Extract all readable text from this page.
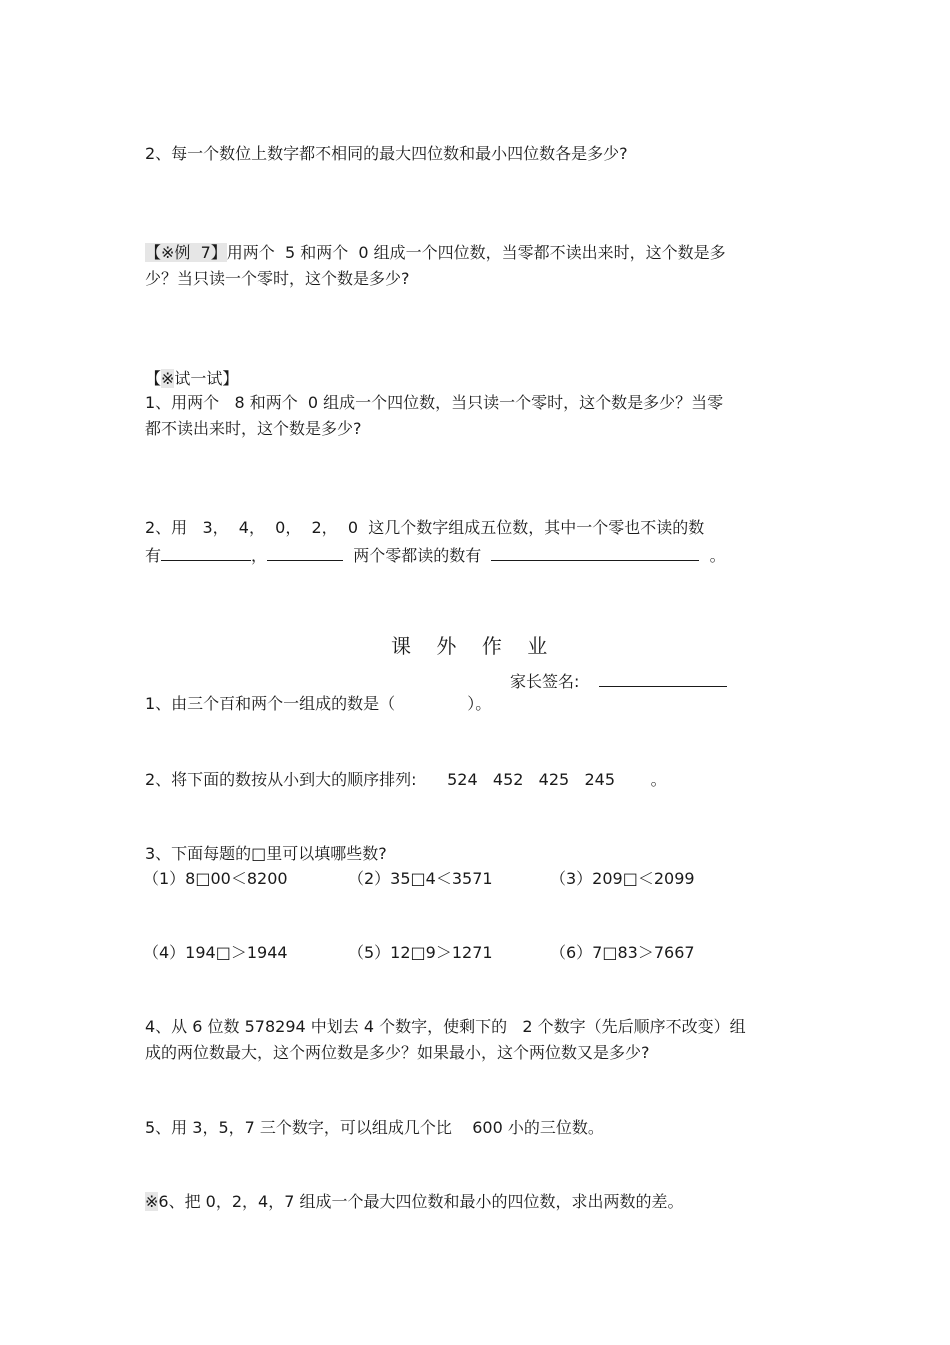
2、每一个数位上数字都不相同的最大四位数和最小四位数各是多少?
【※例  7】用两个  5 和两个  0 组成一个四位数，当零都不读出来时，这个数是多
少？当只读一个零时，这个数是多少?
【※试一试】
1、用两个   8 和两个  0 组成一个四位数，当只读一个零时，这个数是多少？当零
都不读出来时，这个数是多少?
2、用   3，  4，  0，  2，  0  这几个数字组成五位数，其中一个零也不读的数
有	，	两个零都读的数有	。
课    外    作    业
家长签名:
1、由三个百和两个一组成的数是（	）。
2、将下面的数按从小到大的顺序排列:      524   452   425   245       。
3、下面每题的□里可以填哪些数?
（1）8□00＜8200	（2）35□4＜3571	（3）209□＜2099
（4）194□＞1944	（5）12□9＞1271	（6）7□83＞7667
4、从 6 位数 578294 中划去 4 个数字，使剩下的   2 个数字（先后顺序不改变）组
成的两位数最大，这个两位数是多少？如果最小，这个两位数又是多少?
5、用 3，5，7 三个数字，可以组成几个比    600 小的三位数。
※6、把 0，2，4，7 组成一个最大四位数和最小的四位数，求出两数的差。
